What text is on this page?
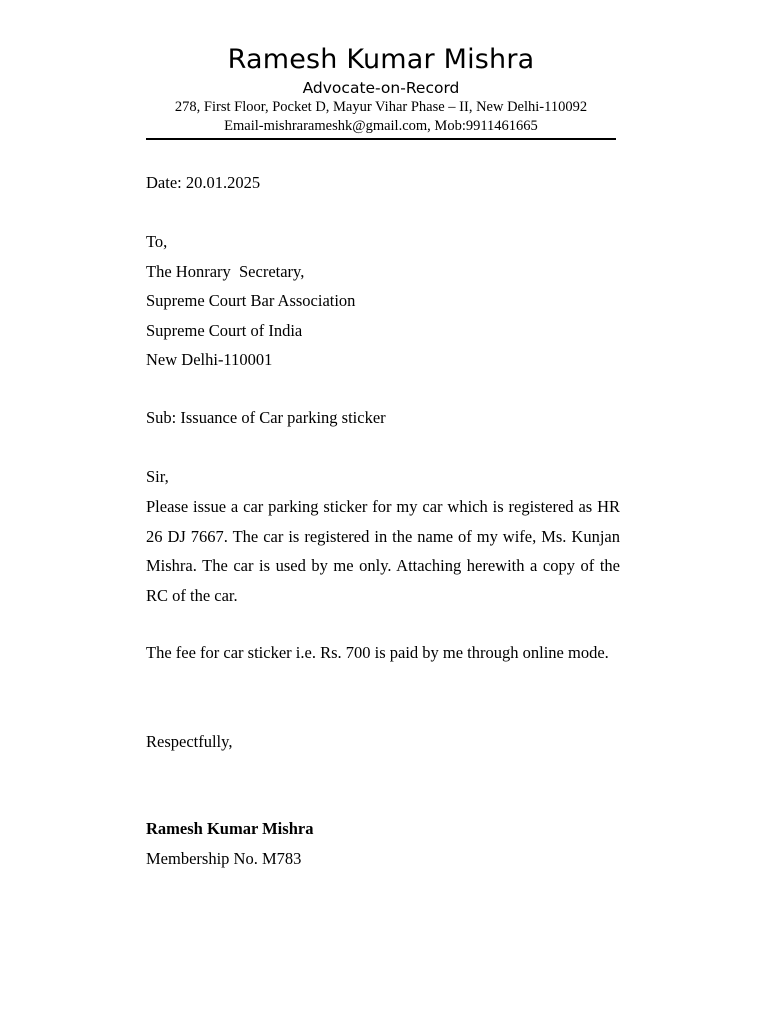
Ramesh Kumar Mishra
Advocate-on-Record
278, First Floor, Pocket D, Mayur Vihar Phase – II, New Delhi-110092
Email-mishrarameshk@gmail.com, Mob:9911461665
Date: 20.01.2025
To,
The Honrary  Secretary,
Supreme Court Bar Association
Supreme Court of India
New Delhi-110001
Sub: Issuance of Car parking sticker
Sir,
Please issue a car parking sticker for my car which is registered as HR 26 DJ 7667. The car is registered in the name of my wife, Ms. Kunjan Mishra. The car is used by me only. Attaching herewith a copy of the RC of the car.
The fee for car sticker i.e. Rs. 700 is paid by me through online mode.
Respectfully,
Ramesh Kumar Mishra
Membership No. M783
